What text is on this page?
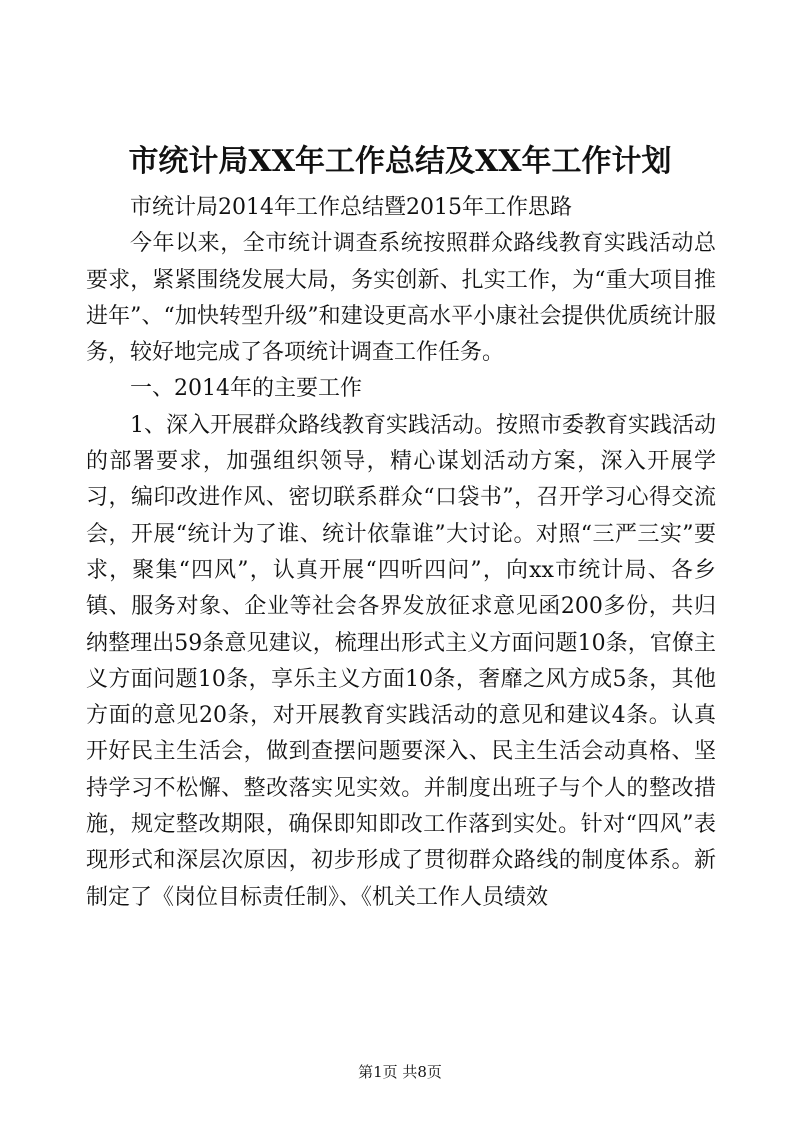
市统计局XX年工作总结及XX年工作计划

市统计局2014年工作总结暨2015年工作思路

今年以来，全市统计调查系统按照群众路线教育实践活动总要求，紧紧围绕发展大局，务实创新、扎实工作，为“重大项目推进年”、“加快转型升级”和建设更高水平小康社会提供优质统计服务，较好地完成了各项统计调查工作任务。

一、2014年的主要工作

1、深入开展群众路线教育实践活动。按照市委教育实践活动的部署要求，加强组织领导，精心谋划活动方案，深入开展学习，编印改进作风、密切联系群众“口袋书”，召开学习心得交流会，开展“统计为了谁、统计依靠谁”大讨论。对照“三严三实”要求，聚集“四风”，认真开展“四听四问”，向xx市统计局、各乡镇、服务对象、企业等社会各界发放征求意见函200多份，共归纳整理出59条意见建议，梳理出形式主义方面问题10条，官僚主义方面问题10条，享乐主义方面10条，奢靡之风方成5条，其他方面的意见20条，对开展教育实践活动的意见和建议4条。认真开好民主生活会，做到查摆问题要深入、民主生活会动真格、坚持学习不松懈、整改落实见实效。并制度出班子与个人的整改措施，规定整改期限，确保即知即改工作落到实处。针对“四风”表现形式和深层次原因，初步形成了贯彻群众路线的制度体系。新制定了《岗位目标责任制》、《机关工作人员绩效

第1页 共8页
